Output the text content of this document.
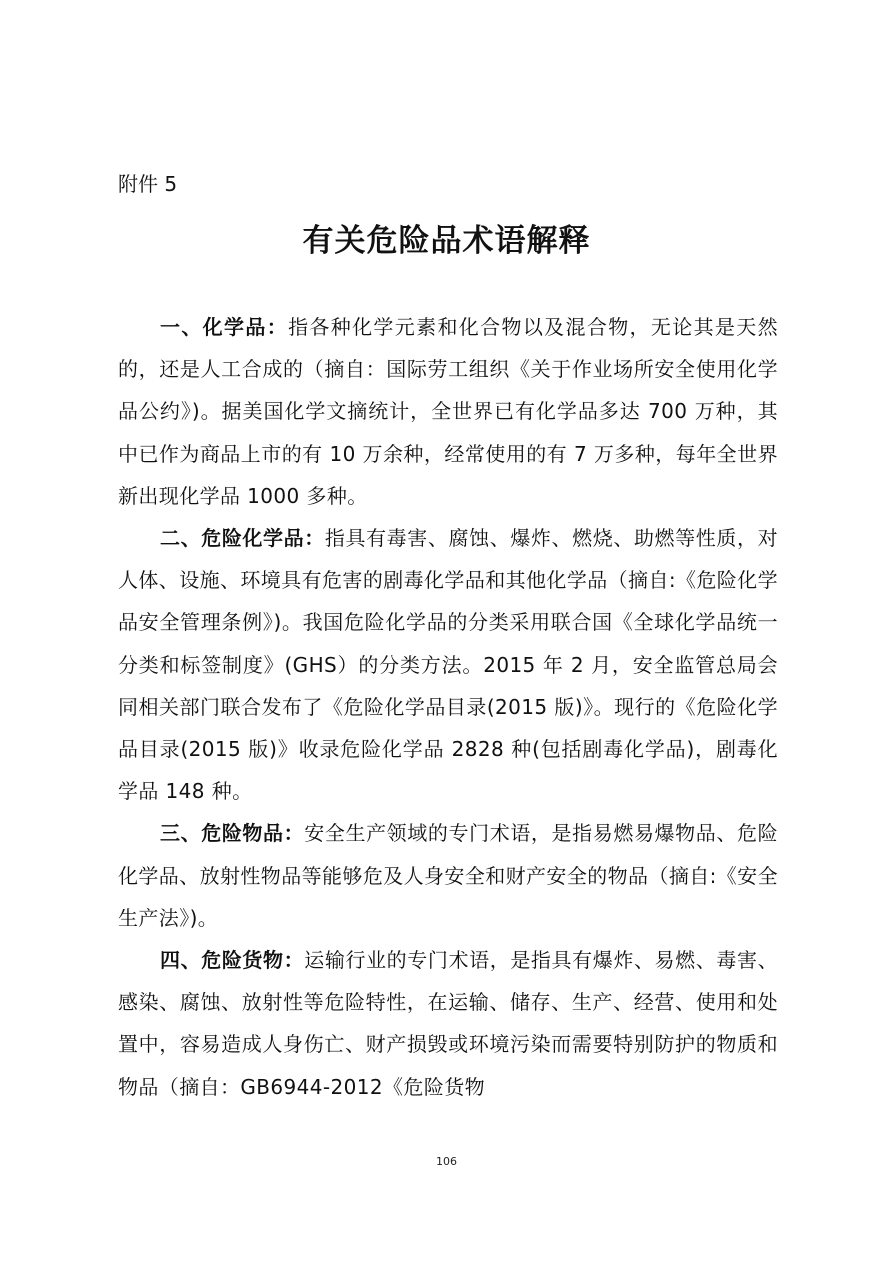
附件 5
有关危险品术语解释

一、化学品：指各种化学元素和化合物以及混合物，无论其是天然的，还是人工合成的（摘自：国际劳工组织《关于作业场所安全使用化学品公约》)。据美国化学文摘统计，全世界已有化学品多达 700 万种，其中已作为商品上市的有 10 万余种，经常使用的有 7 万多种，每年全世界新出现化学品 1000 多种。

二、危险化学品：指具有毒害、腐蚀、爆炸、燃烧、助燃等性质，对人体、设施、环境具有危害的剧毒化学品和其他化学品（摘自:《危险化学品安全管理条例》)。我国危险化学品的分类采用联合国《全球化学品统一分类和标签制度》(GHS）的分类方法。2015 年 2 月，安全监管总局会同相关部门联合发布了《危险化学品目录(2015 版)》。现行的《危险化学品目录(2015 版)》收录危险化学品 2828 种(包括剧毒化学品)，剧毒化学品 148 种。

三、危险物品：安全生产领域的专门术语，是指易燃易爆物品、危险化学品、放射性物品等能够危及人身安全和财产安全的物品（摘自:《安全生产法》)。

四、危险货物：运输行业的专门术语，是指具有爆炸、易燃、毒害、感染、腐蚀、放射性等危险特性，在运输、储存、生产、经营、使用和处置中，容易造成人身伤亡、财产损毁或环境污染而需要特别防护的物质和物品（摘自：GB6944-2012《危险货物

106
